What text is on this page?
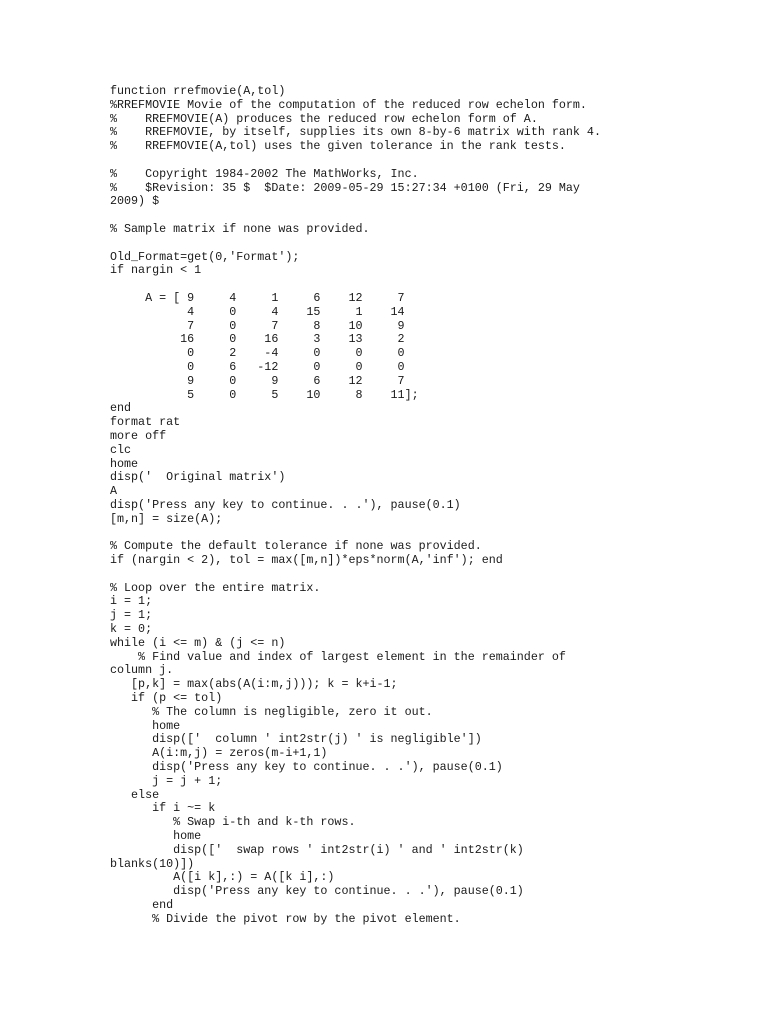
function rrefmovie(A,tol)
%RREFMOVIE Movie of the computation of the reduced row echelon form.
%    RREFMOVIE(A) produces the reduced row echelon form of A.
%    RREFMOVIE, by itself, supplies its own 8-by-6 matrix with rank 4.
%    RREFMOVIE(A,tol) uses the given tolerance in the rank tests.
%    Copyright 1984-2002 The MathWorks, Inc.
%    $Revision: 35 $  $Date: 2009-05-29 15:27:34 +0100 (Fri, 29 May
2009) $
% Sample matrix if none was provided.
Old_Format=get(0,'Format');
if nargin < 1
A = [ 9     4     1     6    12     7
4     0     4    15     1    14
7     0     7     8    10     9
16     0    16     3    13     2
0     2    -4     0     0     0
0     6   -12     0     0     0
9     0     9     6    12     7
5     0     5    10     8    11];
end
format rat
more off
clc
home
disp('  Original matrix')
A
disp('Press any key to continue. . .'), pause(0.1)
[m,n] = size(A);
% Compute the default tolerance if none was provided.
if (nargin < 2), tol = max([m,n])*eps*norm(A,'inf'); end
% Loop over the entire matrix.
i = 1;
j = 1;
k = 0;
while (i <= m) & (j <= n)
% Find value and index of largest element in the remainder of
column j.
[p,k] = max(abs(A(i:m,j))); k = k+i-1;
if (p <= tol)
% The column is negligible, zero it out.
home
disp(['  column ' int2str(j) ' is negligible'])
A(i:m,j) = zeros(m-i+1,1)
disp('Press any key to continue. . .'), pause(0.1)
j = j + 1;
else
if i ~= k
% Swap i-th and k-th rows.
home
disp(['  swap rows ' int2str(i) ' and ' int2str(k)
blanks(10)])
A([i k],:) = A([k i],:)
disp('Press any key to continue. . .'), pause(0.1)
end
% Divide the pivot row by the pivot element.
